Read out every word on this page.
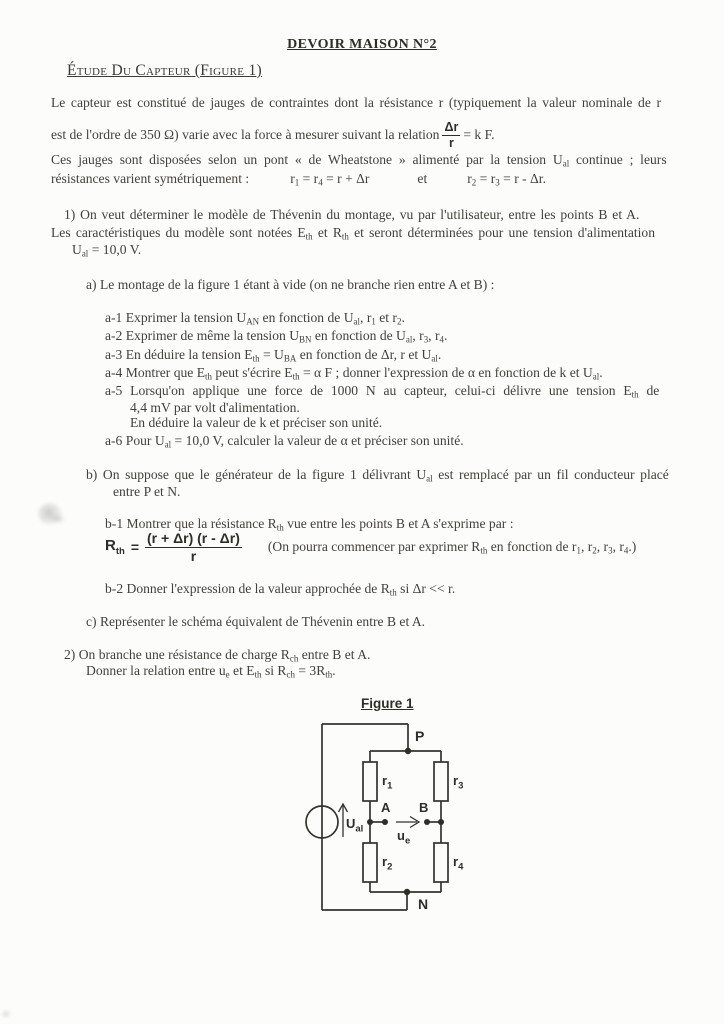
DEVOIR MAISON N°2
Étude Du Capteur (Figure 1)
Le capteur est constitué de jauges de contraintes dont la résistance r (typiquement la valeur nominale de r
est de l'ordre de 350 Ω) varie avec la force à mesurer suivant la relation $\frac{\Delta r}{r} = k$ F.
Ces jauges sont disposées selon un pont « de Wheatstone » alimenté par la tension $U_{al}$ continue ; leurs
résistances varient symétriquement :	$r_1 = r_4 = r + \Delta r$	et	$r_2 = r_3 = r - \Delta r$.
1) On veut déterminer le modèle de Thévenin du montage, vu par l'utilisateur, entre les points B et A.
Les caractéristiques du modèle sont notées $E_{th}$ et $R_{th}$ et seront déterminées pour une tension d'alimentation
$U_{al} = 10,0$ V.
a) Le montage de la figure 1 étant à vide (on ne branche rien entre A et B) :
a-1 Exprimer la tension $U_{AN}$ en fonction de $U_{al}$, $r_1$ et $r_2$.
a-2 Exprimer de même la tension $U_{BN}$ en fonction de $U_{al}$, $r_3$, $r_4$.
a-3 En déduire la tension $E_{th} = U_{BA}$ en fonction de Δr, r et $U_{al}$.
a-4 Montrer que $E_{th}$ peut s'écrire $E_{th} = \alpha$ F ; donner l'expression de α en fonction de k et $U_{al}$.
a-5 Lorsqu'on applique une force de 1000 N au capteur, celui-ci délivre une tension $E_{th}$ de
4,4 mV par volt d'alimentation.
En déduire la valeur de k et préciser son unité.
a-6 Pour $U_{al} = 10,0$ V, calculer la valeur de α et préciser son unité.
b) On suppose que le générateur de la figure 1 délivrant $U_{al}$ est remplacé par un fil conducteur placé
entre P et N.
b-1 Montrer que la résistance $R_{th}$ vue entre les points B et A s'exprime par :
$R_{th} = \frac{(r + \Delta r) (r - \Delta r)}{r} (On$ pourra commencer par exprimer $R_{th}$ en fonction de $r_1$, $r_2$, $r_3$, $r_4$.)
b-2 Donner l'expression de la valeur approchée de $R_{th}$ si Δr << r.
c) Représenter le schéma équivalent de Thévenin entre B et A.
2) On branche une résistance de charge $R_{ch}$ entre B et A.
Donner la relation entre $u_e$ et $E_{th}$ si $R_{ch} = 3R_{th}$.
Figure 1
P
N
A B
$r_1$	$r_3$
$r_2$	$r_4$
$U_{al}$	$u_e$
